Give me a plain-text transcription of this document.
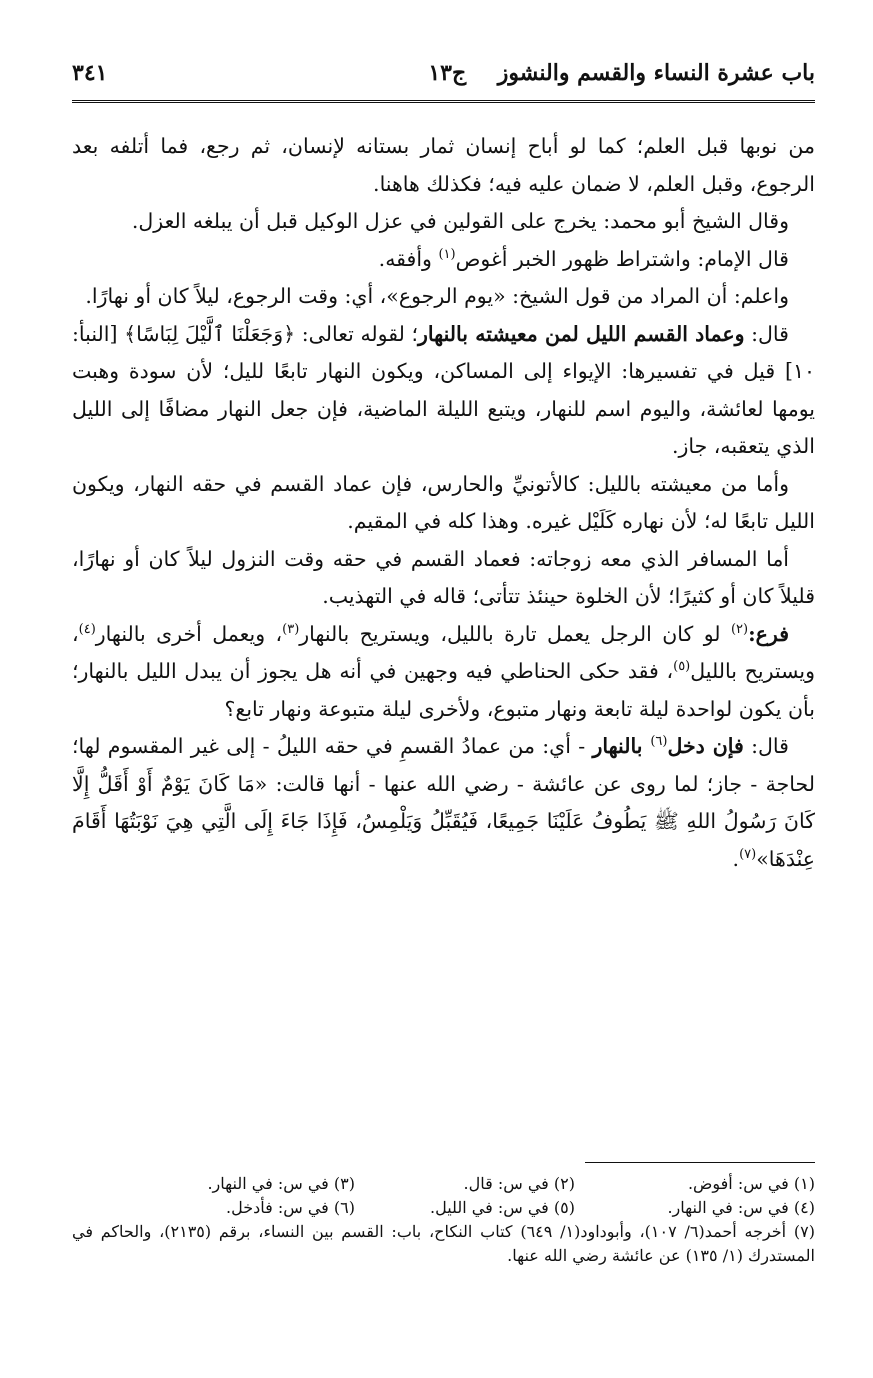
باب عشرة النساء والقسم والنشوز
ج١٣
٣٤١

من نوبها قبل العلم؛ كما لو أباح إنسان ثمار بستانه لإنسان، ثم رجع، فما أتلفه بعد الرجوع، وقبل العلم، لا ضمان عليه فيه؛ فكذلك هاهنا.

وقال الشيخ أبو محمد: يخرج على القولين في عزل الوكيل قبل أن يبلغه العزل.

قال الإمام: واشتراط ظهور الخبر أغوص$^{(١)}$ وأفقه.

واعلم: أن المراد من قول الشيخ: «يوم الرجوع»، أي: وقت الرجوع، ليلاً كان أو نهارًا.

قال: وعماد القسم الليل لمن معيشته بالنهار؛ لقوله تعالى: ﴿وَجَعَلْنَا ٱلَّيْلَ لِبَاسًا﴾ [النبأ: ١٠] قيل في تفسيرها: الإيواء إلى المساكن، ويكون النهار تابعًا لليل؛ لأن سودة وهبت يومها لعائشة، واليوم اسم للنهار، ويتبع الليلة الماضية، فإن جعل النهار مضافًا إلى الليل الذي يتعقبه، جاز.

وأما من معيشته بالليل: كالأتونيِّ والحارس، فإن عماد القسم في حقه النهار، ويكون الليل تابعًا له؛ لأن نهاره كَلَيْل غيره. وهذا كله في المقيم.

أما المسافر الذي معه زوجاته: فعماد القسم في حقه وقت النزول ليلاً كان أو نهارًا، قليلاً كان أو كثيرًا؛ لأن الخلوة حينئذ تتأتى؛ قاله في التهذيب.

فرع:$^{(٢)}$ لو كان الرجل يعمل تارة بالليل، ويستريح بالنهار$^{(٣)}$، ويعمل أخرى بالنهار$^{(٤)}$، ويستريح بالليل$^{(٥)}$، فقد حكى الحناطي فيه وجهين في أنه هل يجوز أن يبدل الليل بالنهار؛ بأن يكون لواحدة ليلة تابعة ونهار متبوع، ولأخرى ليلة متبوعة ونهار تابع؟

قال: فإن دخل$^{(٦)}$ بالنهار - أي: من عمادُ القسمِ في حقه الليلُ - إلى غير المقسوم لها؛ لحاجة - جاز؛ لما روى عن عائشة - رضي الله عنها - أنها قالت: «مَا كَانَ يَوْمٌ أَوْ أَقَلُّ إِلَّا كَانَ رَسُولُ اللهِ ﷺ يَطُوفُ عَلَيْنَا جَمِيعًا، فَيُقَبِّلُ وَيَلْمِسُ، فَإِذَا جَاءَ إِلَى الَّتِي هِيَ نَوْبَتُهَا أَقَامَ عِنْدَهَا»$^{(٧)}$.

(١) في س: أفوض.
(٢) في س: قال.
(٣) في س: في النهار.
(٤) في س: في النهار.
(٥) في س: في الليل.
(٦) في س: فأدخل.
(٧) أخرجه أحمد(٦/ ١٠٧)، وأبوداود(١/ ٦٤٩) كتاب النكاح، باب: القسم بين النساء، برقم (٢١٣٥)، والحاكم في المستدرك (١/ ١٣٥) عن عائشة رضي الله عنها.
